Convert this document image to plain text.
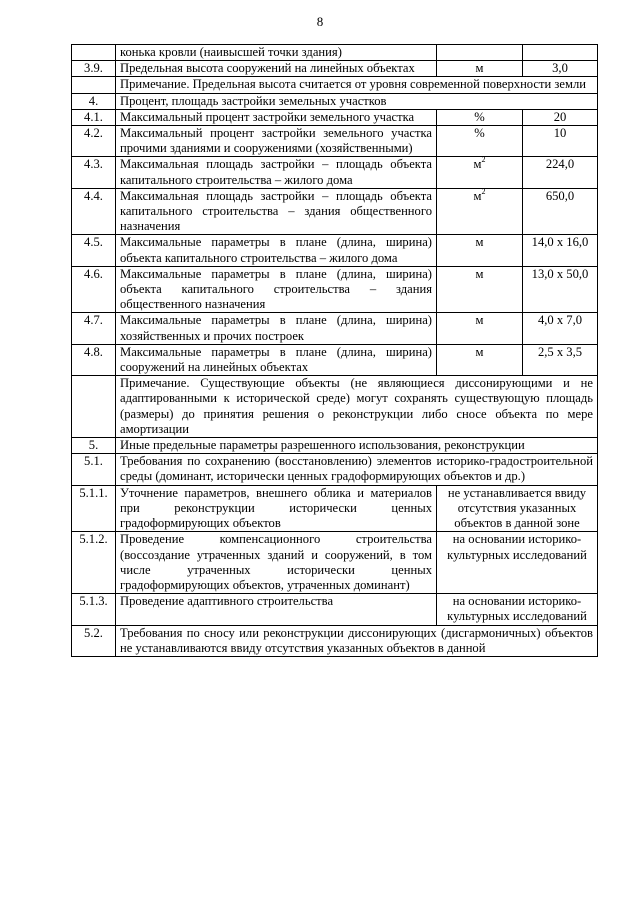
8
	конька кровли (наивысшей точки здания)		
3.9.	Предельная высота сооружений на линейных объектах	м	3,0
	Примечание. Предельная высота считается от уровня современной поверхности земли		
4.	Процент, площадь застройки земельных участков		
4.1.	Максимальный процент застройки земельного участка	%	20
4.2.	Максимальный процент застройки земельного участка прочими зданиями и сооружениями (хозяйственными)	%	10
4.3.	Максимальная площадь застройки – площадь объекта капитального строительства – жилого дома	$м^2$	224,0
4.4.	Максимальная площадь застройки – площадь объекта капитального строительства – здания общественного назначения	$м^2$	650,0
4.5.	Максимальные параметры в плане (длина, ширина) объекта капитального строительства – жилого дома	м	14,0 х 16,0
4.6.	Максимальные параметры в плане (длина, ширина) объекта капитального строительства – здания общественного назначения	м	13,0 х 50,0
4.7.	Максимальные параметры в плане (длина, ширина) хозяйственных и прочих построек	м	4,0 х 7,0
4.8.	Максимальные параметры в плане (длина, ширина) сооружений на линейных объектах	м	2,5 х 3,5
	Примечание. Существующие объекты (не являющиеся диссонирующими и не адаптированными к исторической среде) могут сохранять существующую площадь (размеры) до принятия решения о реконструкции либо сносе объекта по мере амортизации		
5.	Иные предельные параметры разрешенного использования, реконструкции		
5.1.	Требования по сохранению (восстановлению) элементов историко-градостроительной среды (доминант, исторически ценных градоформирующих объектов и др.)		
5.1.1.	Уточнение параметров, внешнего облика и материалов при реконструкции исторически ценных градоформирующих объектов	не устанавливается ввиду отсутствия указанных объектов в данной зоне	
5.1.2.	Проведение компенсационного строительства (воссоздание утраченных зданий и сооружений, в том числе утраченных исторически ценных градоформирующих объектов, утраченных доминант)	на основании историко-культурных исследований	
5.1.3.	Проведение адаптивного строительства	на основании историко-культурных исследований	
5.2.	Требования по сносу или реконструкции диссонирующих (дисгармоничных) объектов не устанавливаются ввиду отсутствия указанных объектов в данной		
